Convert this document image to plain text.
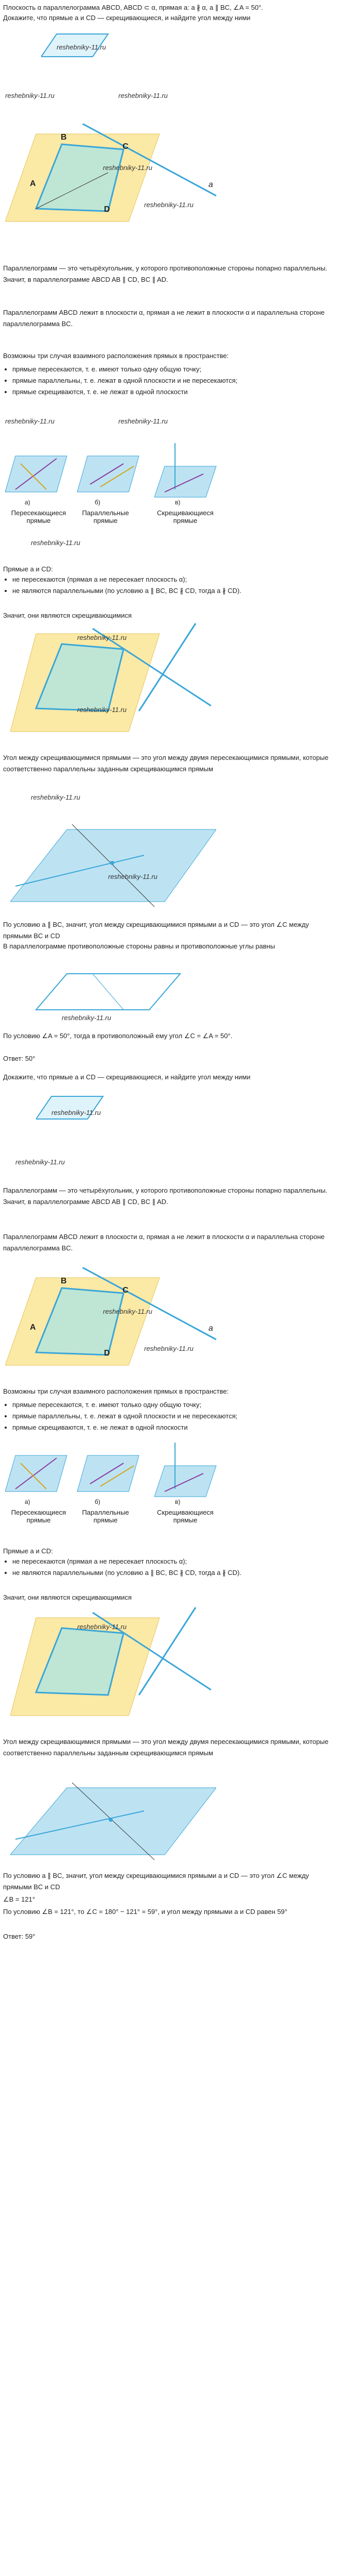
Плоскость α параллелограмма ABCD, ABCD ⊂ α, прямая a: a ∦ α, a ∥ BC, ∠A = 50°.
Докажите, что прямые a и CD — скрещивающиеся, и найдите угол между ними
reshebniky-11.ru
reshebniky-11.ru	reshebniky-11.ru
B
C
A
D
a
reshebniky-11.ru
reshebniky-11.ru
Параллелограмм — это четырёхугольник, у которого противоположные стороны попарно параллельны. Значит, в параллелограмме ABCD AB ∥ CD, BC ∥ AD.
Параллелограмм ABCD лежит в плоскости α, прямая a не лежит в плоскости α и параллельна стороне параллелограмма BC.
Возможны три случая взаимного расположения прямых в пространстве:
• прямые пересекаются, т. е. имеют только одну общую точку;
• прямые параллельны, т. е. лежат в одной плоскости и не пересекаются;
• прямые скрещиваются, т. е. не лежат в одной плоскости
reshebniky-11.ru	reshebniky-11.ru
а)	б)	в)
Пересекающиеся прямые
Параллельные прямые
Скрещивающиеся прямые
reshebniky-11.ru
Прямые a и CD:
• не пересекаются (прямая a не пересекает плоскость α);
• не являются параллельными (по условию a ∥ BC, BC ∦ CD, тогда a ∦ CD).
Значит, они являются скрещивающимися
reshebniky-11.ru
reshebniky-11.ru
Угол между скрещивающимися прямыми — это угол между двумя пересекающимися прямыми, которые соответственно параллельны заданным скрещивающимся прямым
reshebniky-11.ru
reshebniky-11.ru
По условию a ∥ BC, значит, угол между скрещивающимися прямыми a и CD — это угол ∠C между прямыми BC и CD
В параллелограмме противоположные стороны равны и противоположные углы равны
reshebniky-11.ru
По условию ∠A = 50°, тогда в противоположный ему угол ∠C = ∠A = 50°.
Ответ: 50°
Докажите, что прямые a и CD — скрещивающиеся, и найдите угол между ними
reshebniky-11.ru
reshebniky-11.ru
Параллелограмм — это четырёхугольник, у которого противоположные стороны попарно параллельны. Значит, в параллелограмме ABCD AB ∥ CD, BC ∥ AD.
Параллелограмм ABCD лежит в плоскости α, прямая a не лежит в плоскости α и параллельна стороне параллелограмма BC.
B
C
A
D
a
reshebniky-11.ru
reshebniky-11.ru
Возможны три случая взаимного расположения прямых в пространстве:
• прямые пересекаются, т. е. имеют только одну общую точку;
• прямые параллельны, т. е. лежат в одной плоскости и не пересекаются;
• прямые скрещиваются, т. е. не лежат в одной плоскости
а)	б)	в)
Пересекающиеся прямые
Параллельные прямые
Скрещивающиеся прямые
Прямые a и CD:
• не пересекаются (прямая a не пересекает плоскость α);
• не являются параллельными (по условию a ∥ BC, BC ∦ CD, тогда a ∦ CD).
Значит, они являются скрещивающимися
reshebniky-11.ru
Угол между скрещивающимися прямыми — это угол между двумя пересекающимися прямыми, которые соответственно параллельны заданным скрещивающимся прямым
По условию a ∥ BC, значит, угол между скрещивающимися прямыми a и CD — это угол ∠C между прямыми BC и CD
∠B = 121°
По условию ∠B = 121°, то ∠C = 180° − 121° = 59°, и угол между прямыми a и CD равен 59°
Ответ: 59°
